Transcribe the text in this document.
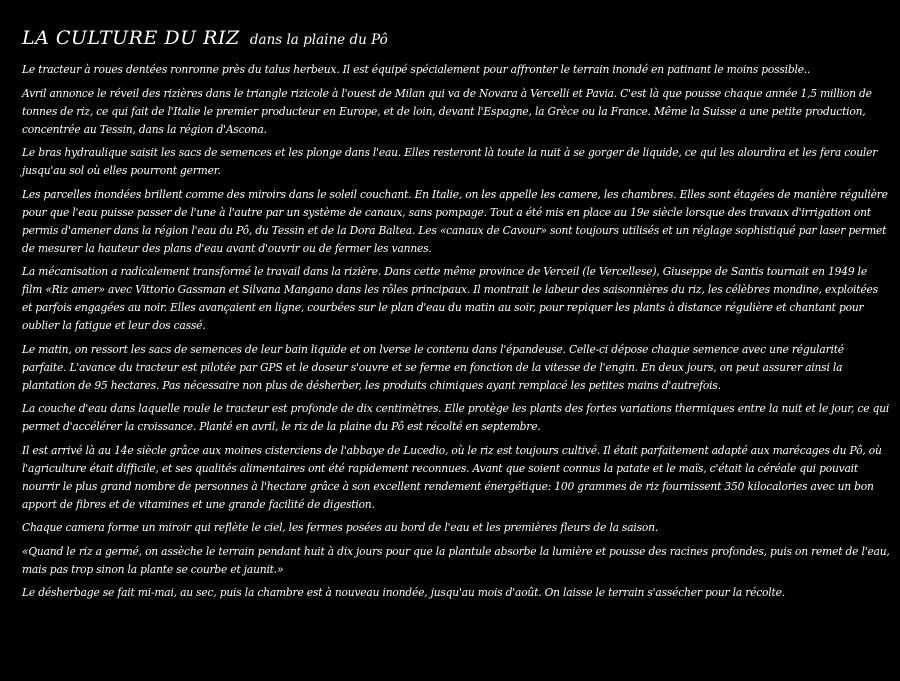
LA CULTURE DU RIZ dans la plaine du Pô

Le tracteur à roues dentées ronronne près du talus herbeux. Il est équipé spécialement pour affronter le terrain inondé en patinant le moins possible..

Avril annonce le réveil des rizières dans le triangle rizicole à l'ouest de Milan qui va de Novara à Vercelli et Pavia. C'est là que pousse chaque année 1,5 million de tonnes de riz, ce qui fait de l'Italie le premier producteur en Europe, et de loin, devant l'Espagne, la Grèce ou la France. Même la Suisse a une petite production, concentrée au Tessin, dans la région d'Ascona.

Le bras hydraulique saisit les sacs de semences et les plonge dans l'eau. Elles resteront là toute la nuit à se gorger de liquide, ce qui les alourdira et les fera couler jusqu'au sol où elles pourront germer.

Les parcelles inondées brillent comme des miroirs dans le soleil couchant. En Italie, on les appelle les camere, les chambres. Elles sont étagées de manière régulière pour que l'eau puisse passer de l'une à l'autre par un système de canaux, sans pompage. Tout a été mis en place au 19e siècle lorsque des travaux d'irrigation ont permis d'amener dans la région l'eau du Pô, du Tessin et de la Dora Baltea. Les «canaux de Cavour» sont toujours utilisés et un réglage sophistiqué par laser permet de mesurer la hauteur des plans d'eau avant d'ouvrir ou de fermer les vannes.

La mécanisation a radicalement transformé le travail dans la rizière. Dans cette même province de Verceil (le Vercellese), Giuseppe de Santis tournait en 1949 le film «Riz amer» avec Vittorio Gassman et Silvana Mangano dans les rôles principaux. Il montrait le labeur des saisonnières du riz, les célèbres mondine, exploitées et parfois engagées au noir. Elles avançaient en ligne, courbées sur le plan d'eau du matin au soir, pour repiquer les plants à distance régulière et chantant pour oublier la fatigue et leur dos cassé.

Le matin, on ressort les sacs de semences de leur bain liquide et on lverse le contenu dans l'épandeuse. Celle-ci dépose chaque semence avec une régularité parfaite. L'avance du tracteur est pilotée par GPS et le doseur s'ouvre et se ferme en fonction de la vitesse de l'engin. En deux jours, on peut assurer ainsi la plantation de 95 hectares. Pas nécessaire non plus de désherber, les produits chimiques ayant remplacé les petites mains d'autrefois.

La couche d'eau dans laquelle roule le tracteur est profonde de dix centimètres. Elle protège les plants des fortes variations thermiques entre la nuit et le jour, ce qui permet d'accélérer la croissance. Planté en avril, le riz de la plaine du Pô est récolté en septembre.

Il est arrivé là au 14e siècle grâce aux moines cisterciens de l'abbaye de Lucedio, où le riz est toujours cultivé. Il était parfaitement adapté aux marécages du Pô, où l'agriculture était difficile, et ses qualités alimentaires ont été rapidement reconnues. Avant que soient connus la patate et le maïs, c'était la céréale qui pouvait nourrir le plus grand nombre de personnes à l'hectare grâce à son excellent rendement énergétique: 100 grammes de riz fournissent 350 kilocalories avec un bon apport de fibres et de vitamines et une grande facilité de digestion.

Chaque camera forme un miroir qui reflète le ciel, les fermes posées au bord de l'eau et les premières fleurs de la saison.

«Quand le riz a germé, on assèche le terrain pendant huit à dix jours pour que la plantule absorbe la lumière et pousse des racines profondes, puis on remet de l'eau, mais pas trop sinon la plante se courbe et jaunit.»

Le désherbage se fait mi-mai, au sec, puis la chambre est à nouveau inondée, jusqu'au mois d'août. On laisse le terrain s'assécher pour la récolte.
